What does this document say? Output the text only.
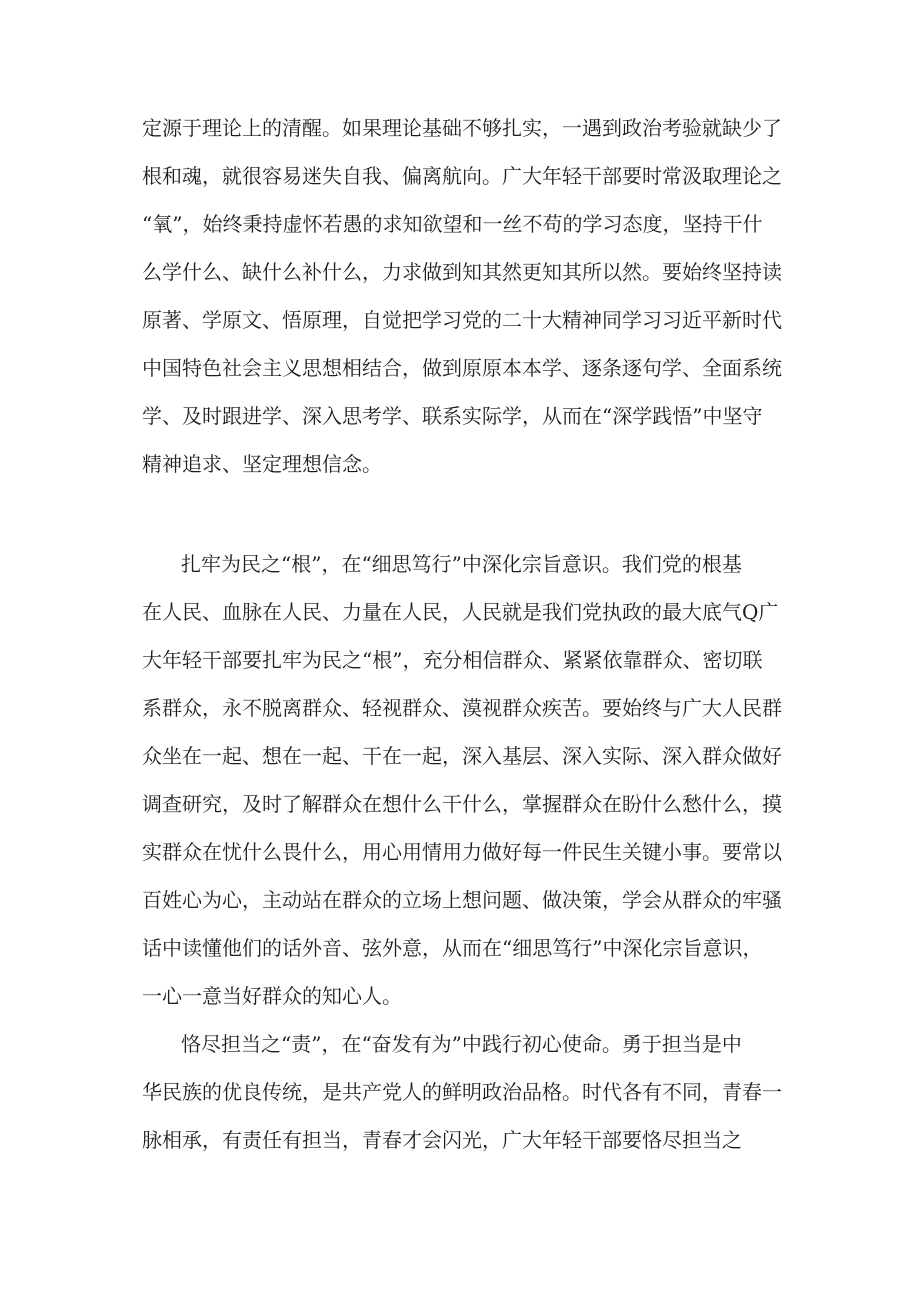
定源于理论上的清醒。如果理论基础不够扎实，一遇到政治考验就缺少了
根和魂，就很容易迷失自我、偏离航向。广大年轻干部要时常汲取理论之
“氧”，始终秉持虚怀若愚的求知欲望和一丝不苟的学习态度，坚持干什
么学什么、缺什么补什么，力求做到知其然更知其所以然。要始终坚持读
原著、学原文、悟原理，自觉把学习党的二十大精神同学习习近平新时代
中国特色社会主义思想相结合，做到原原本本学、逐条逐句学、全面系统
学、及时跟进学、深入思考学、联系实际学，从而在“深学践悟”中坚守
精神追求、坚定理想信念。
扎牢为民之“根”，在“细思笃行”中深化宗旨意识。我们党的根基
在人民、血脉在人民、力量在人民，人民就是我们党执政的最大底气Q广
大年轻干部要扎牢为民之“根”，充分相信群众、紧紧依靠群众、密切联
系群众，永不脱离群众、轻视群众、漠视群众疾苦。要始终与广大人民群
众坐在一起、想在一起、干在一起，深入基层、深入实际、深入群众做好
调查研究，及时了解群众在想什么干什么，掌握群众在盼什么愁什么，摸
实群众在忧什么畏什么，用心用情用力做好每一件民生关键小事。要常以
百姓心为心，主动站在群众的立场上想问题、做决策，学会从群众的牢骚
话中读懂他们的话外音、弦外意，从而在“细思笃行”中深化宗旨意识，
一心一意当好群众的知心人。
恪尽担当之“责”，在“奋发有为”中践行初心使命。勇于担当是中
华民族的优良传统，是共产党人的鲜明政治品格。时代各有不同，青春一
脉相承，有责任有担当，青春才会闪光，广大年轻干部要恪尽担当之
